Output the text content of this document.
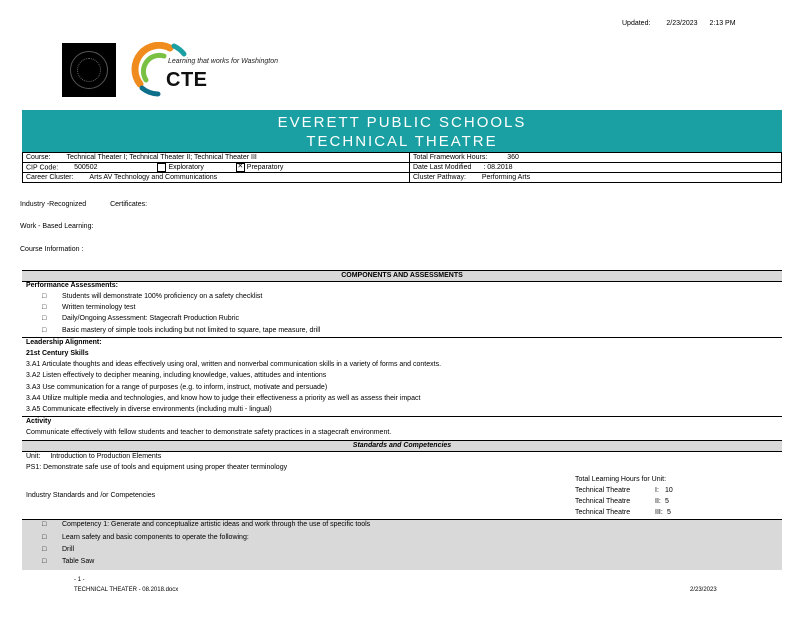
Updated: 2/23/2023 2:13 PM
Learning that works for Washington
CTE
EVERETT PUBLIC SCHOOLS
TECHNICAL THEATRE
Course: Technical Theater I; Technical Theater II; Technical Theater III	Total Framework Hours: 360
CIP Code: 500502 Exploratory ✕ Preparatory	Date Last Modified : 08.2018
Career Cluster: Arts AV Technology and Communications	Cluster Pathway: Performing Arts
Industry -Recognized	Certificates:
Work - Based Learning:
Course Information :
COMPONENTS AND ASSESSMENTS
Performance Assessments:
□ Students will demonstrate 100% proficiency on a safety checklist
□ Written terminology test
□ Daily/Ongoing Assessment: Stagecraft Production Rubric
□ Basic mastery of simple tools including but not limited to square, tape measure, drill
Leadership Alignment:
21st Century Skills
3.A1 Articulate thoughts and ideas effectively using oral, written and nonverbal communication skills in a variety of forms and contexts.
3.A2 Listen effectively to decipher meaning, including knowledge, values, attitudes and intentions
3.A3 Use communication for a range of purposes (e.g. to inform, instruct, motivate and persuade)
3.A4 Utilize multiple media and technologies, and know how to judge their effectiveness a priority as well as assess their impact
3.A5 Communicate effectively in diverse environments (including multi - lingual)
Activity
Communicate effectively with fellow students and teacher to demonstrate safety practices in a stagecraft environment.
Standards and Competencies
Unit: Introduction to Production Elements
PS1: Demonstrate safe use of tools and equipment using proper theater terminology
Total Learning Hours for Unit:
Technical Theatre	I: 10
Technical Theatre	II: 5
Technical Theatre	III: 5
Industry Standards and /or Competencies
□ Competency 1: Generate and conceptualize artistic ideas and work through the use of specific tools
□ Learn safety and basic components to operate the following:
□ Drill
□ Table Saw
- 1 -
TECHNICAL THEATER - 08.2018.docx	2/23/2023
